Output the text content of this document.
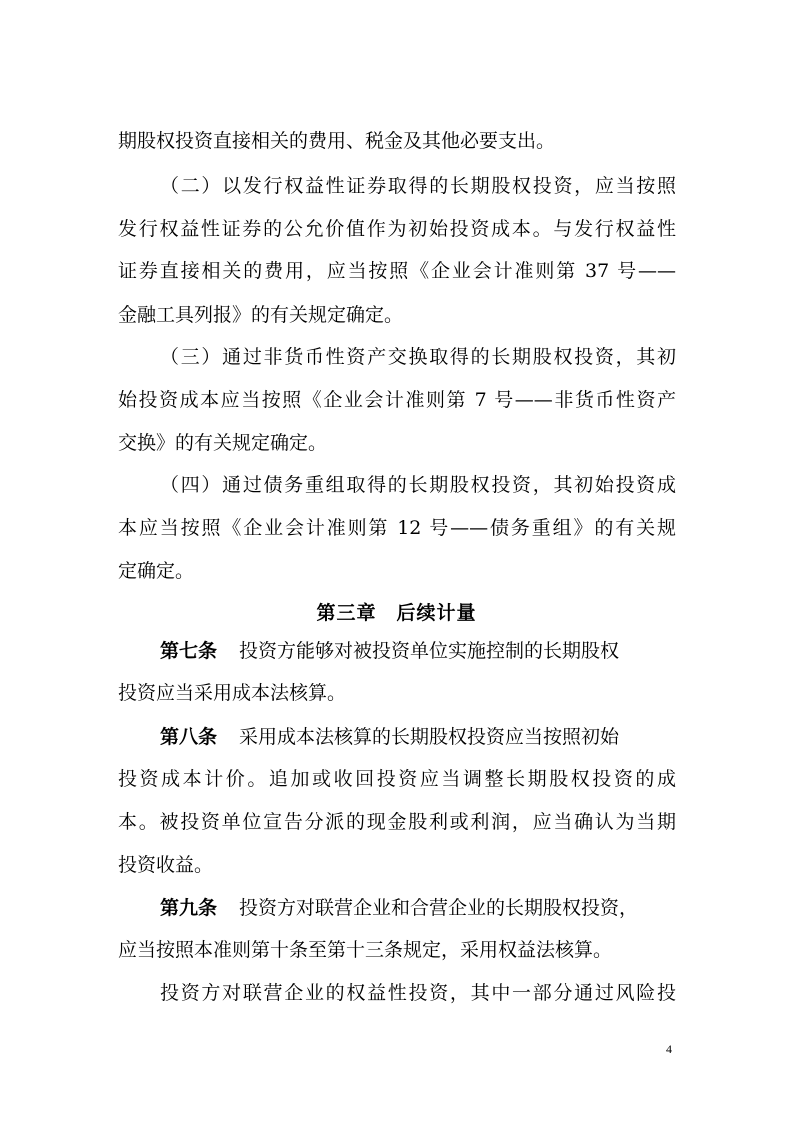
期股权投资直接相关的费用、税金及其他必要支出。
（二）以发行权益性证券取得的长期股权投资，应当按照
发行权益性证券的公允价值作为初始投资成本。与发行权益性
证券直接相关的费用，应当按照《企业会计准则第 37 号——
金融工具列报》的有关规定确定。
（三）通过非货币性资产交换取得的长期股权投资，其初
始投资成本应当按照《企业会计准则第 7 号——非货币性资产
交换》的有关规定确定。
（四）通过债务重组取得的长期股权投资，其初始投资成
本应当按照《企业会计准则第 12 号——债务重组》的有关规
定确定。
第三章　后续计量
第七条 投资方能够对被投资单位实施控制的长期股权
投资应当采用成本法核算。
第八条 采用成本法核算的长期股权投资应当按照初始
投资成本计价。追加或收回投资应当调整长期股权投资的成
本。被投资单位宣告分派的现金股利或利润，应当确认为当期
投资收益。
第九条 投资方对联营企业和合营企业的长期股权投资，
应当按照本准则第十条至第十三条规定，采用权益法核算。
投资方对联营企业的权益性投资，其中一部分通过风险投
4
